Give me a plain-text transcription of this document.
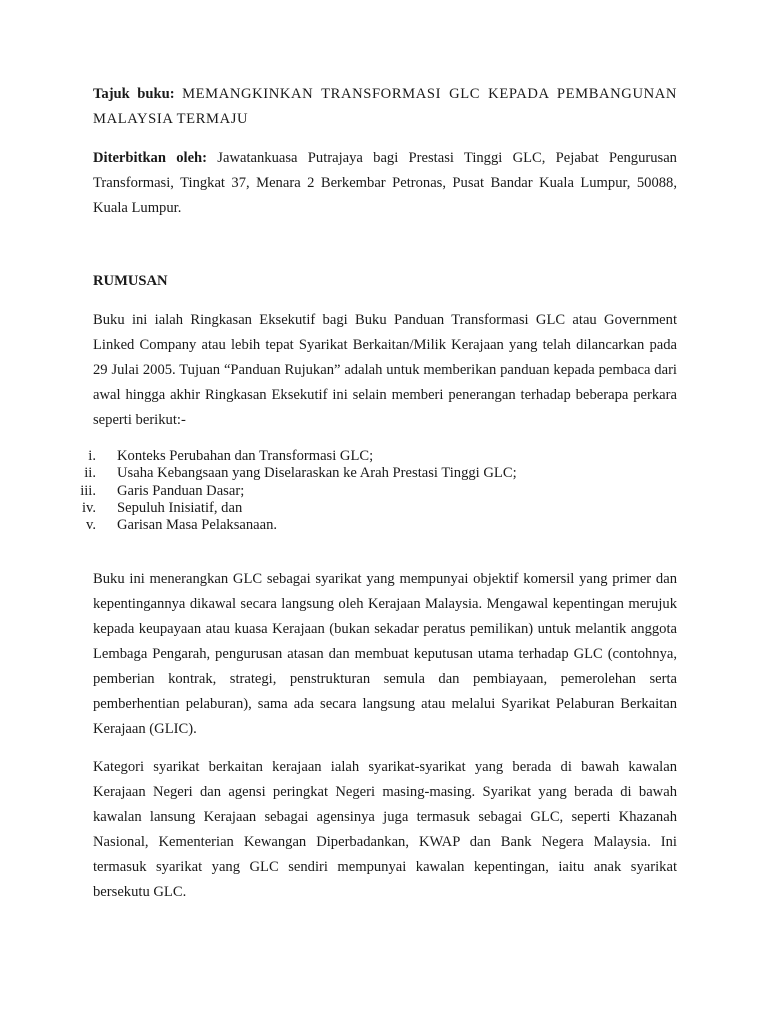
Tajuk buku: MEMANGKINKAN TRANSFORMASI GLC KEPADA PEMBANGUNAN MALAYSIA TERMAJU

Diterbitkan oleh: Jawatankuasa Putrajaya bagi Prestasi Tinggi GLC, Pejabat Pengurusan Transformasi, Tingkat 37, Menara 2 Berkembar Petronas, Pusat Bandar Kuala Lumpur, 50088, Kuala Lumpur.

RUMUSAN

Buku ini ialah Ringkasan Eksekutif bagi Buku Panduan Transformasi GLC atau Government Linked Company atau lebih tepat Syarikat Berkaitan/Milik Kerajaan yang telah dilancarkan pada 29 Julai 2005. Tujuan “Panduan Rujukan” adalah untuk memberikan panduan kepada pembaca dari awal hingga akhir Ringkasan Eksekutif ini selain memberi penerangan terhadap beberapa perkara seperti berikut:-

i. Konteks Perubahan dan Transformasi GLC;
ii. Usaha Kebangsaan yang Diselaraskan ke Arah Prestasi Tinggi GLC;
iii. Garis Panduan Dasar;
iv. Sepuluh Inisiatif, dan
v. Garisan Masa Pelaksanaan.

Buku ini menerangkan GLC sebagai syarikat yang mempunyai objektif komersil yang primer dan kepentingannya dikawal secara langsung oleh Kerajaan Malaysia. Mengawal kepentingan merujuk kepada keupayaan atau kuasa Kerajaan (bukan sekadar peratus pemilikan) untuk melantik anggota Lembaga Pengarah, pengurusan atasan dan membuat keputusan utama terhadap GLC (contohnya, pemberian kontrak, strategi, penstrukturan semula dan pembiayaan, pemerolehan serta pemberhentian pelaburan), sama ada secara langsung atau melalui Syarikat Pelaburan Berkaitan Kerajaan (GLIC).

Kategori syarikat berkaitan kerajaan ialah syarikat-syarikat yang berada di bawah kawalan Kerajaan Negeri dan agensi peringkat Negeri masing-masing. Syarikat yang berada di bawah kawalan lansung Kerajaan sebagai agensinya juga termasuk sebagai GLC, seperti Khazanah Nasional, Kementerian Kewangan Diperbadankan, KWAP dan Bank Negera Malaysia. Ini termasuk syarikat yang GLC sendiri mempunyai kawalan kepentingan, iaitu anak syarikat bersekutu GLC.
